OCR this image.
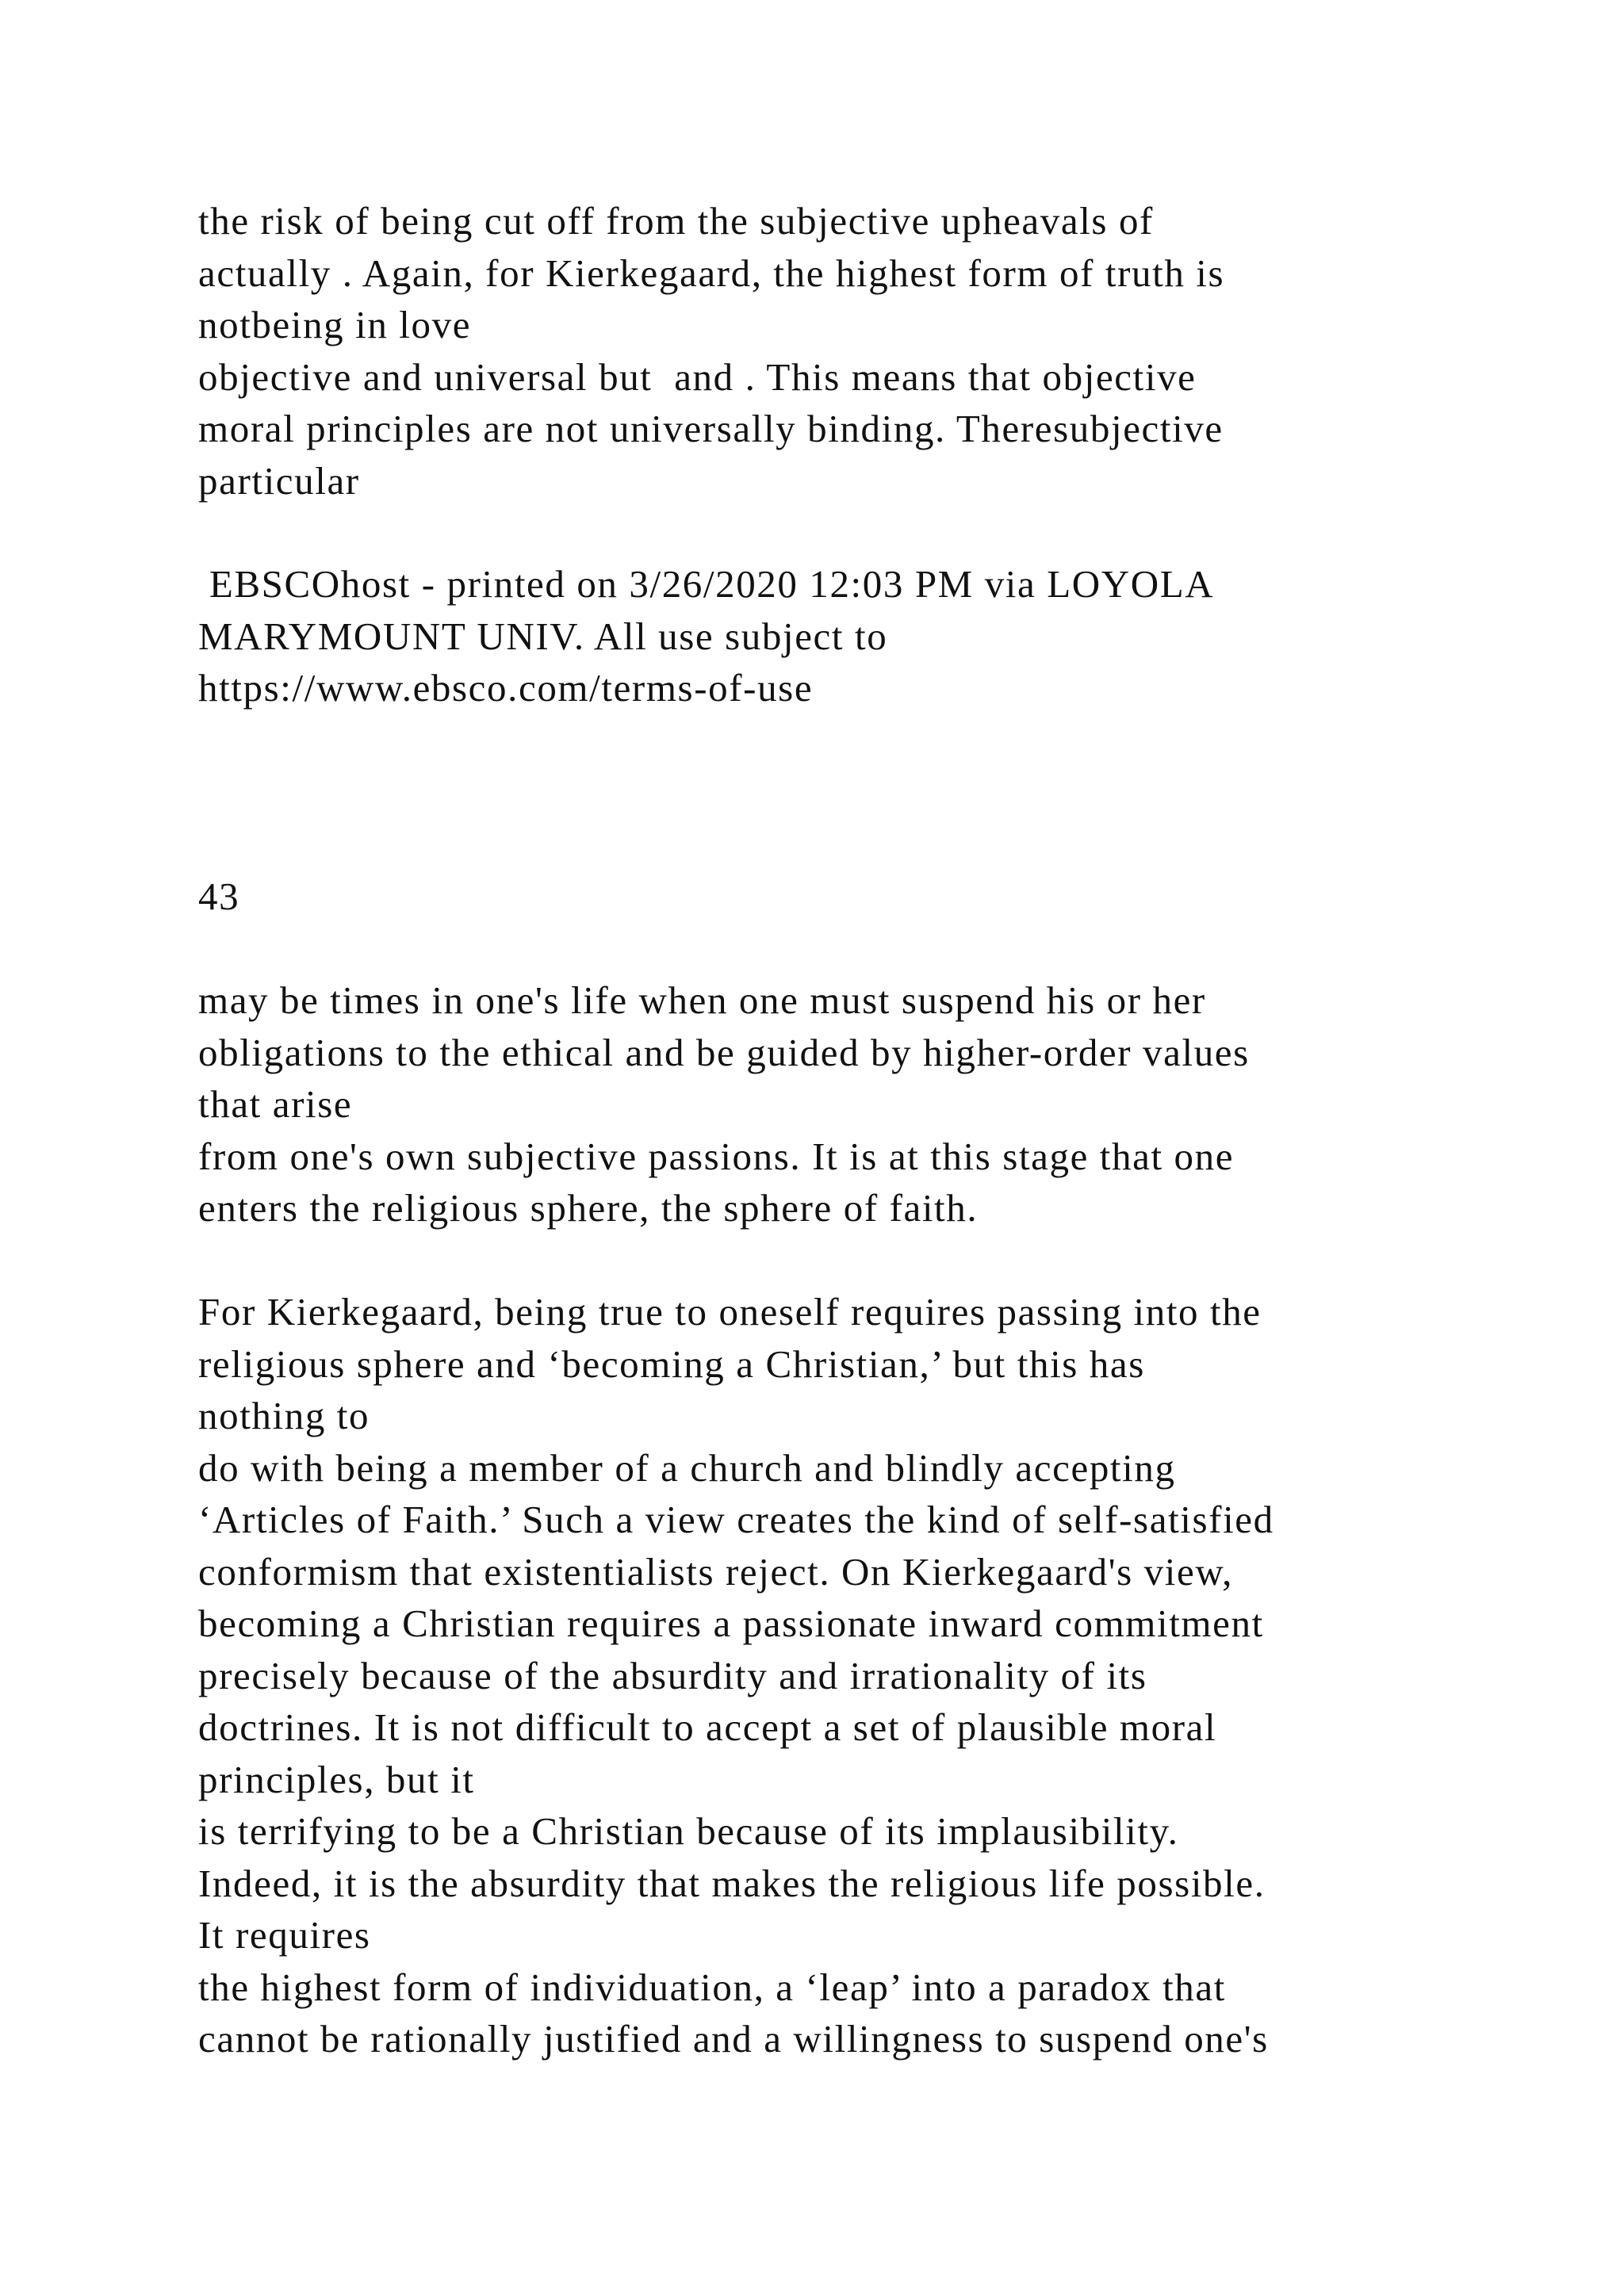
the risk of being cut off from the subjective upheavals of
actually . Again, for Kierkegaard, the highest form of truth is
notbeing in love
objective and universal but  and . This means that objective
moral principles are not universally binding. Theresubjective
particular
EBSCOhost - printed on 3/26/2020 12:03 PM via LOYOLA
MARYMOUNT UNIV. All use subject to
https://www.ebsco.com/terms-of-use
43
may be times in one's life when one must suspend his or her
obligations to the ethical and be guided by higher-order values
that arise
from one's own subjective passions. It is at this stage that one
enters the religious sphere, the sphere of faith.
For Kierkegaard, being true to oneself requires passing into the
religious sphere and ‘becoming a Christian,’ but this has
nothing to
do with being a member of a church and blindly accepting
‘Articles of Faith.’ Such a view creates the kind of self-satisfied
conformism that existentialists reject. On Kierkegaard's view,
becoming a Christian requires a passionate inward commitment
precisely because of the absurdity and irrationality of its
doctrines. It is not difficult to accept a set of plausible moral
principles, but it
is terrifying to be a Christian because of its implausibility.
Indeed, it is the absurdity that makes the religious life possible.
It requires
the highest form of individuation, a ‘leap’ into a paradox that
cannot be rationally justified and a willingness to suspend one's
